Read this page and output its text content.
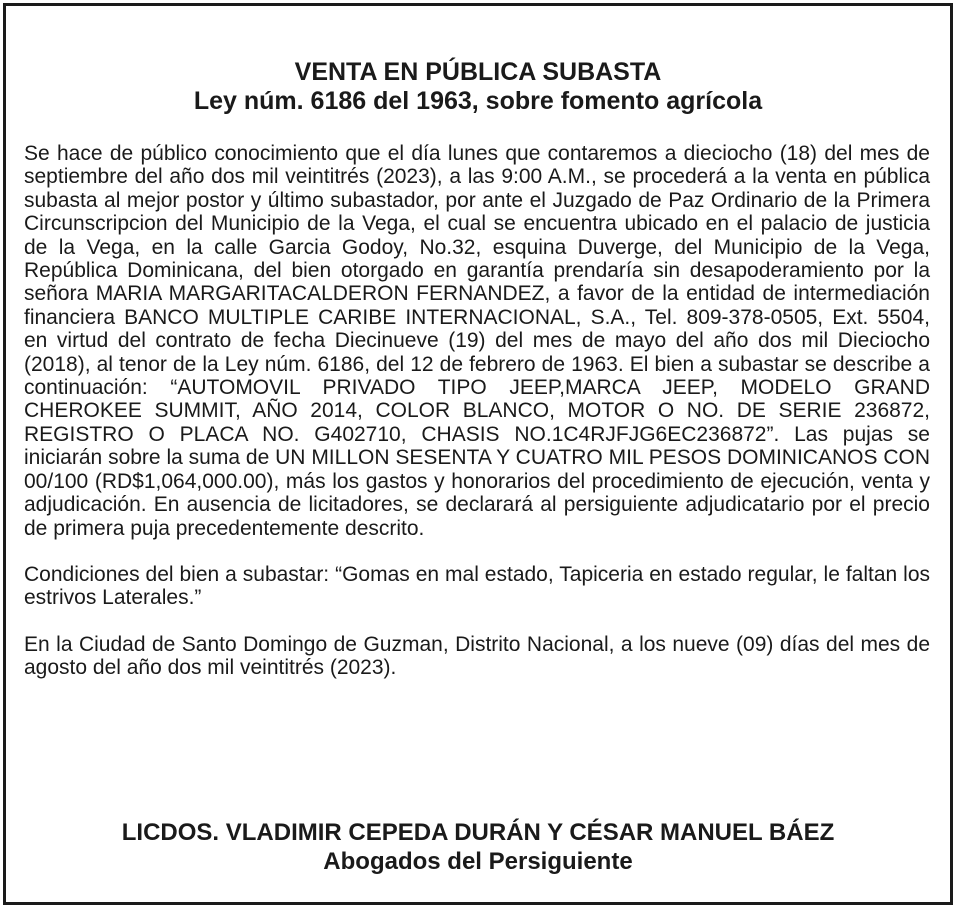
VENTA EN PÚBLICA SUBASTA
Ley núm. 6186 del 1963, sobre fomento agrícola

Se hace de público conocimiento que el día lunes que contaremos a dieciocho (18) del mes de septiembre del año dos mil veintitrés (2023), a las 9:00 A.M., se procederá a la venta en pública subasta al mejor postor y último subastador, por ante el Juzgado de Paz Ordinario de la Primera Circunscripcion del Municipio de la Vega, el cual se encuentra ubicado en el palacio de justicia de la Vega, en la calle Garcia Godoy, No.32, esquina Duverge, del Municipio de la Vega, República Dominicana, del bien otorgado en garantía prendaría sin desapoderamiento por la señora MARIA MARGARITACALDERON FERNANDEZ, a favor de la entidad de intermediación financiera BANCO MULTIPLE CARIBE INTERNACIONAL, S.A., Tel. 809-378-0505, Ext. 5504, en virtud del contrato de fecha Diecinueve (19) del mes de mayo del año dos mil Dieciocho (2018), al tenor de la Ley núm. 6186, del 12 de febrero de 1963. El bien a subastar se describe a continuación: “AUTOMOVIL PRIVADO TIPO JEEP,MARCA JEEP, MODELO GRAND CHEROKEE SUMMIT, AÑO 2014, COLOR BLANCO, MOTOR O NO. DE SERIE 236872, REGISTRO O PLACA NO. G402710, CHASIS NO.1C4RJFJG6EC236872”. Las pujas se iniciarán sobre la suma de UN MILLON SESENTA Y CUATRO MIL PESOS DOMINICANOS CON 00/100 (RD$1,064,000.00), más los gastos y honorarios del procedimiento de ejecución, venta y adjudicación. En ausencia de licitadores, se declarará al persiguiente adjudicatario por el precio de primera puja precedentemente descrito.

Condiciones del bien a subastar: “Gomas en mal estado, Tapiceria en estado regular, le faltan los estrivos Laterales.”

En la Ciudad de Santo Domingo de Guzman, Distrito Nacional, a los nueve (09) días del mes de agosto del año dos mil veintitrés (2023).

LICDOS. VLADIMIR CEPEDA DURÁN Y CÉSAR MANUEL BÁEZ
Abogados del Persiguiente
